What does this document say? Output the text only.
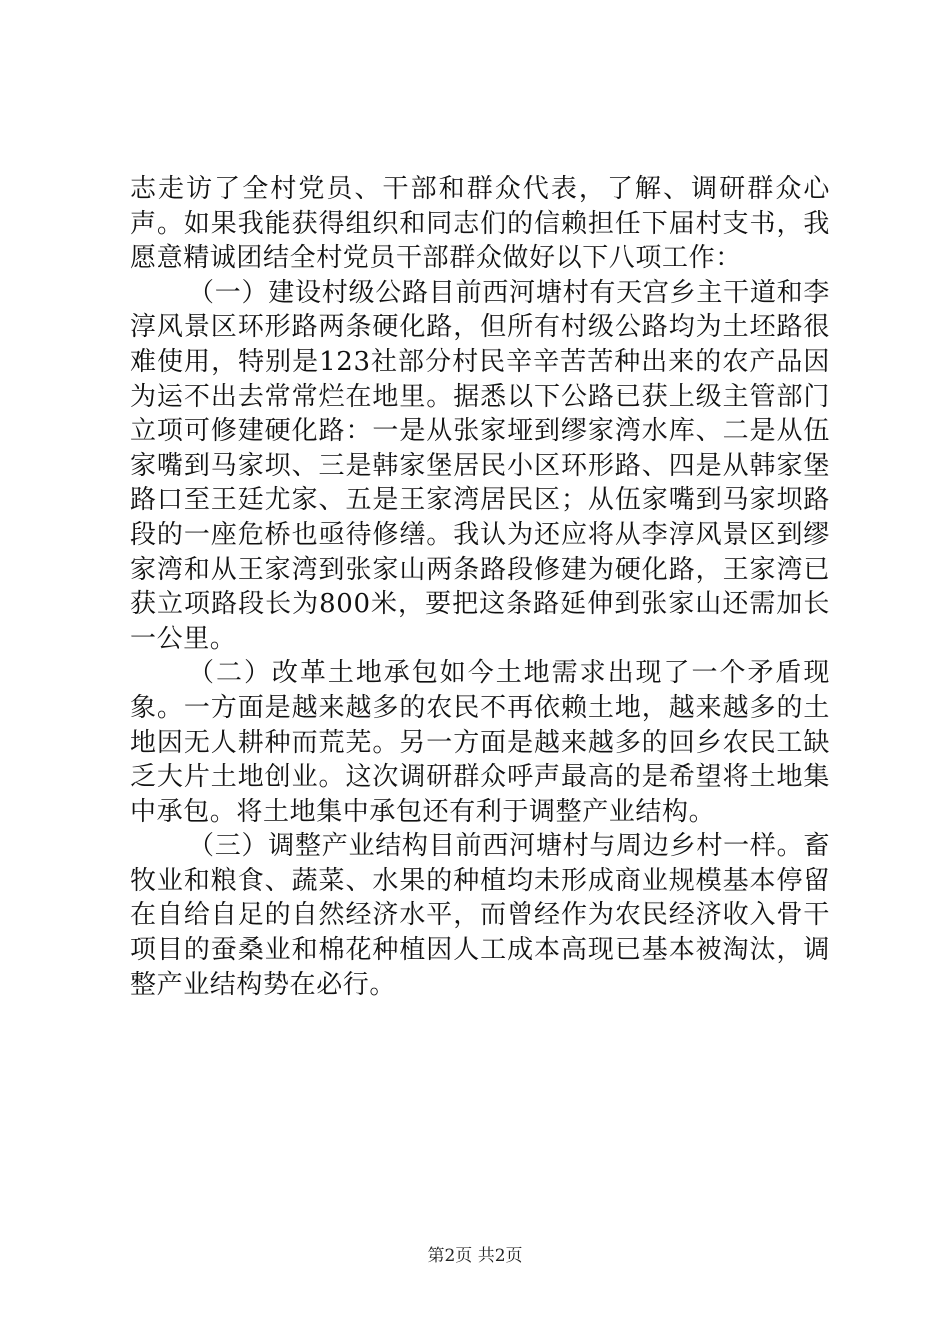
志走访了全村党员、干部和群众代表，了解、调研群众心声。如果我能获得组织和同志们的信赖担任下届村支书，我愿意精诚团结全村党员干部群众做好以下八项工作：

（一）建设村级公路目前西河塘村有天宫乡主干道和李淳风景区环形路两条硬化路，但所有村级公路均为土坯路很难使用，特别是123社部分村民辛辛苦苦种出来的农产品因为运不出去常常烂在地里。据悉以下公路已获上级主管部门立项可修建硬化路：一是从张家垭到缪家湾水库、二是从伍家嘴到马家坝、三是韩家堡居民小区环形路、四是从韩家堡路口至王廷尤家、五是王家湾居民区；从伍家嘴到马家坝路段的一座危桥也亟待修缮。我认为还应将从李淳风景区到缪家湾和从王家湾到张家山两条路段修建为硬化路，王家湾已获立项路段长为800米，要把这条路延伸到张家山还需加长一公里。

（二）改革土地承包如今土地需求出现了一个矛盾现象。一方面是越来越多的农民不再依赖土地，越来越多的土地因无人耕种而荒芜。另一方面是越来越多的回乡农民工缺乏大片土地创业。这次调研群众呼声最高的是希望将土地集中承包。将土地集中承包还有利于调整产业结构。

（三）调整产业结构目前西河塘村与周边乡村一样。畜牧业和粮食、蔬菜、水果的种植均未形成商业规模基本停留在自给自足的自然经济水平，而曾经作为农民经济收入骨干项目的蚕桑业和棉花种植因人工成本高现已基本被淘汰，调整产业结构势在必行。

第2页 共2页
